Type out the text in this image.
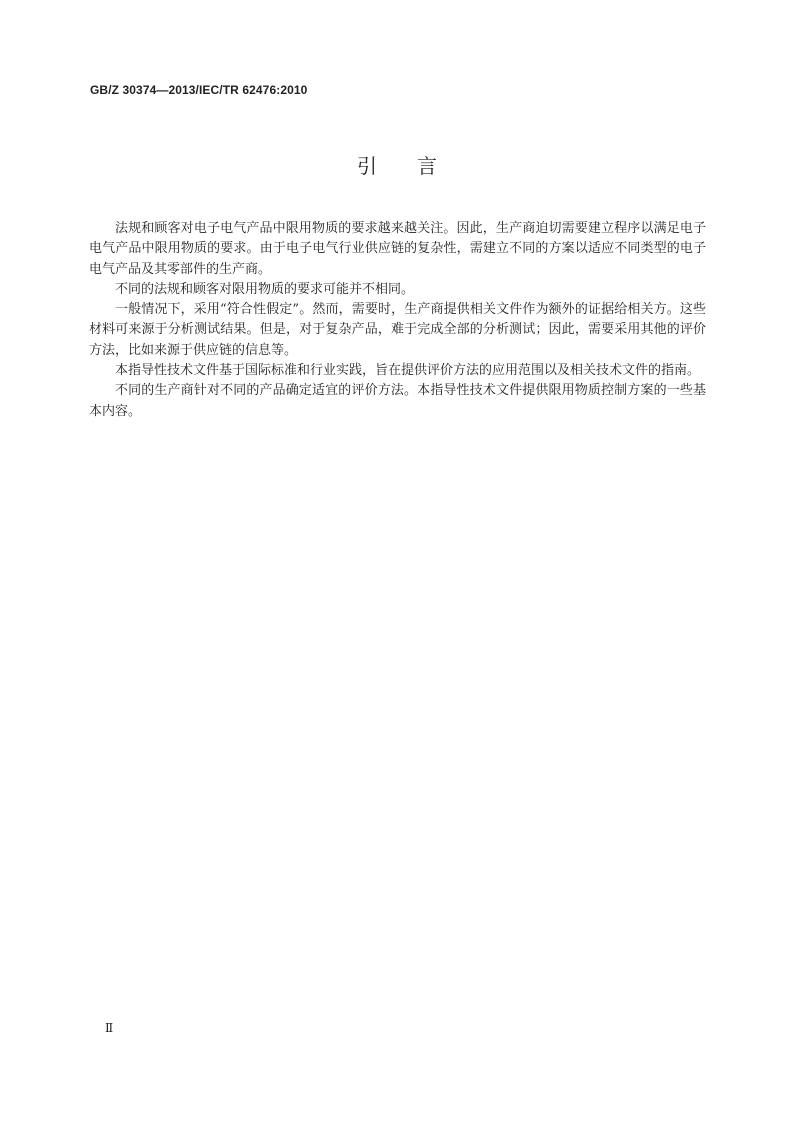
GB/Z 30374—2013/IEC/TR 62476:2010
引言

法规和顾客对电子电气产品中限用物质的要求越来越关注。因此，生产商迫切需要建立程序以满足电子电气产品中限用物质的要求。由于电子电气行业供应链的复杂性，需建立不同的方案以适应不同类型的电子电气产品及其零部件的生产商。

不同的法规和顾客对限用物质的要求可能并不相同。

一般情况下，采用“符合性假定”。然而，需要时，生产商提供相关文件作为额外的证据给相关方。这些材料可来源于分析测试结果。但是，对于复杂产品，难于完成全部的分析测试；因此，需要采用其他的评价方法，比如来源于供应链的信息等。

本指导性技术文件基于国际标准和行业实践，旨在提供评价方法的应用范围以及相关技术文件的指南。

不同的生产商针对不同的产品确定适宜的评价方法。本指导性技术文件提供限用物质控制方案的一些基本内容。

Ⅱ
